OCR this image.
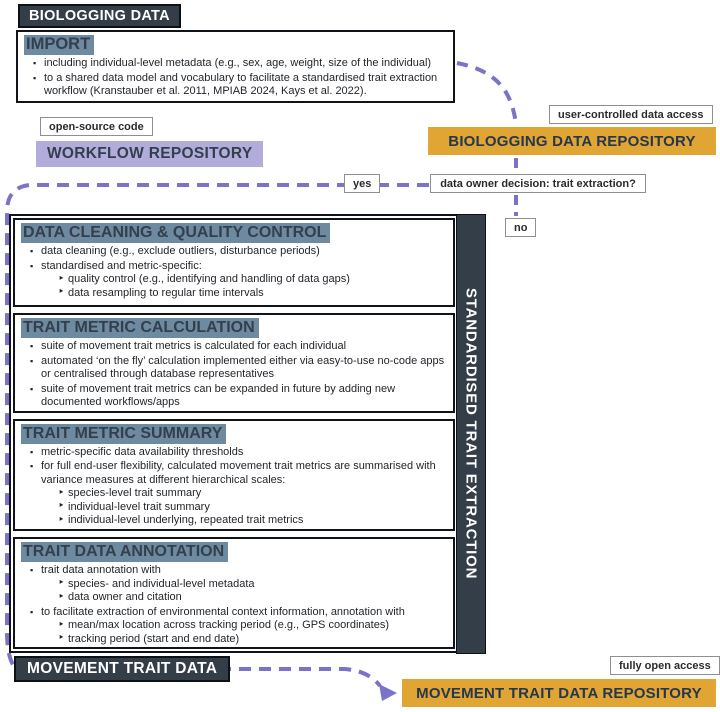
BIOLOGGING DATA
IMPORT
▪ including individual-level metadata (e.g., sex, age, weight, size of the individual)
▪ to a shared data model and vocabulary to facilitate a standardised trait extraction workflow (Kranstauber et al. 2011, MPIAB 2024, Kays et al. 2022).
open-source code
WORKFLOW REPOSITORY
user-controlled data access
BIOLOGGING DATA REPOSITORY
data owner decision: trait extraction?
yes
no
DATA CLEANING & QUALITY CONTROL
▪ data cleaning (e.g., exclude outliers, disturbance periods)
▪ standardised and metric-specific:
‣ quality control (e.g., identifying and handling of data gaps)
‣ data resampling to regular time intervals
TRAIT METRIC CALCULATION
▪ suite of movement trait metrics is calculated for each individual
▪ automated ‘on the fly’ calculation implemented either via easy-to-use no-code apps or centralised through database representatives
▪ suite of movement trait metrics can be expanded in future by adding new documented workflows/apps
TRAIT METRIC SUMMARY
▪ metric-specific data availability thresholds
▪ for full end-user flexibility, calculated movement trait metrics are summarised with variance measures at different hierarchical scales:
‣ species-level trait summary
‣ individual-level trait summary
‣ individual-level underlying, repeated trait metrics
TRAIT DATA ANNOTATION
▪ trait data annotation with
‣ species- and individual-level metadata
‣ data owner and citation
▪ to facilitate extraction of environmental context information, annotation with
‣ mean/max location across tracking period (e.g., GPS coordinates)
‣ tracking period (start and end date)
STANDARDISED TRAIT EXTRACTION
MOVEMENT TRAIT DATA	fully open access
MOVEMENT TRAIT DATA REPOSITORY
